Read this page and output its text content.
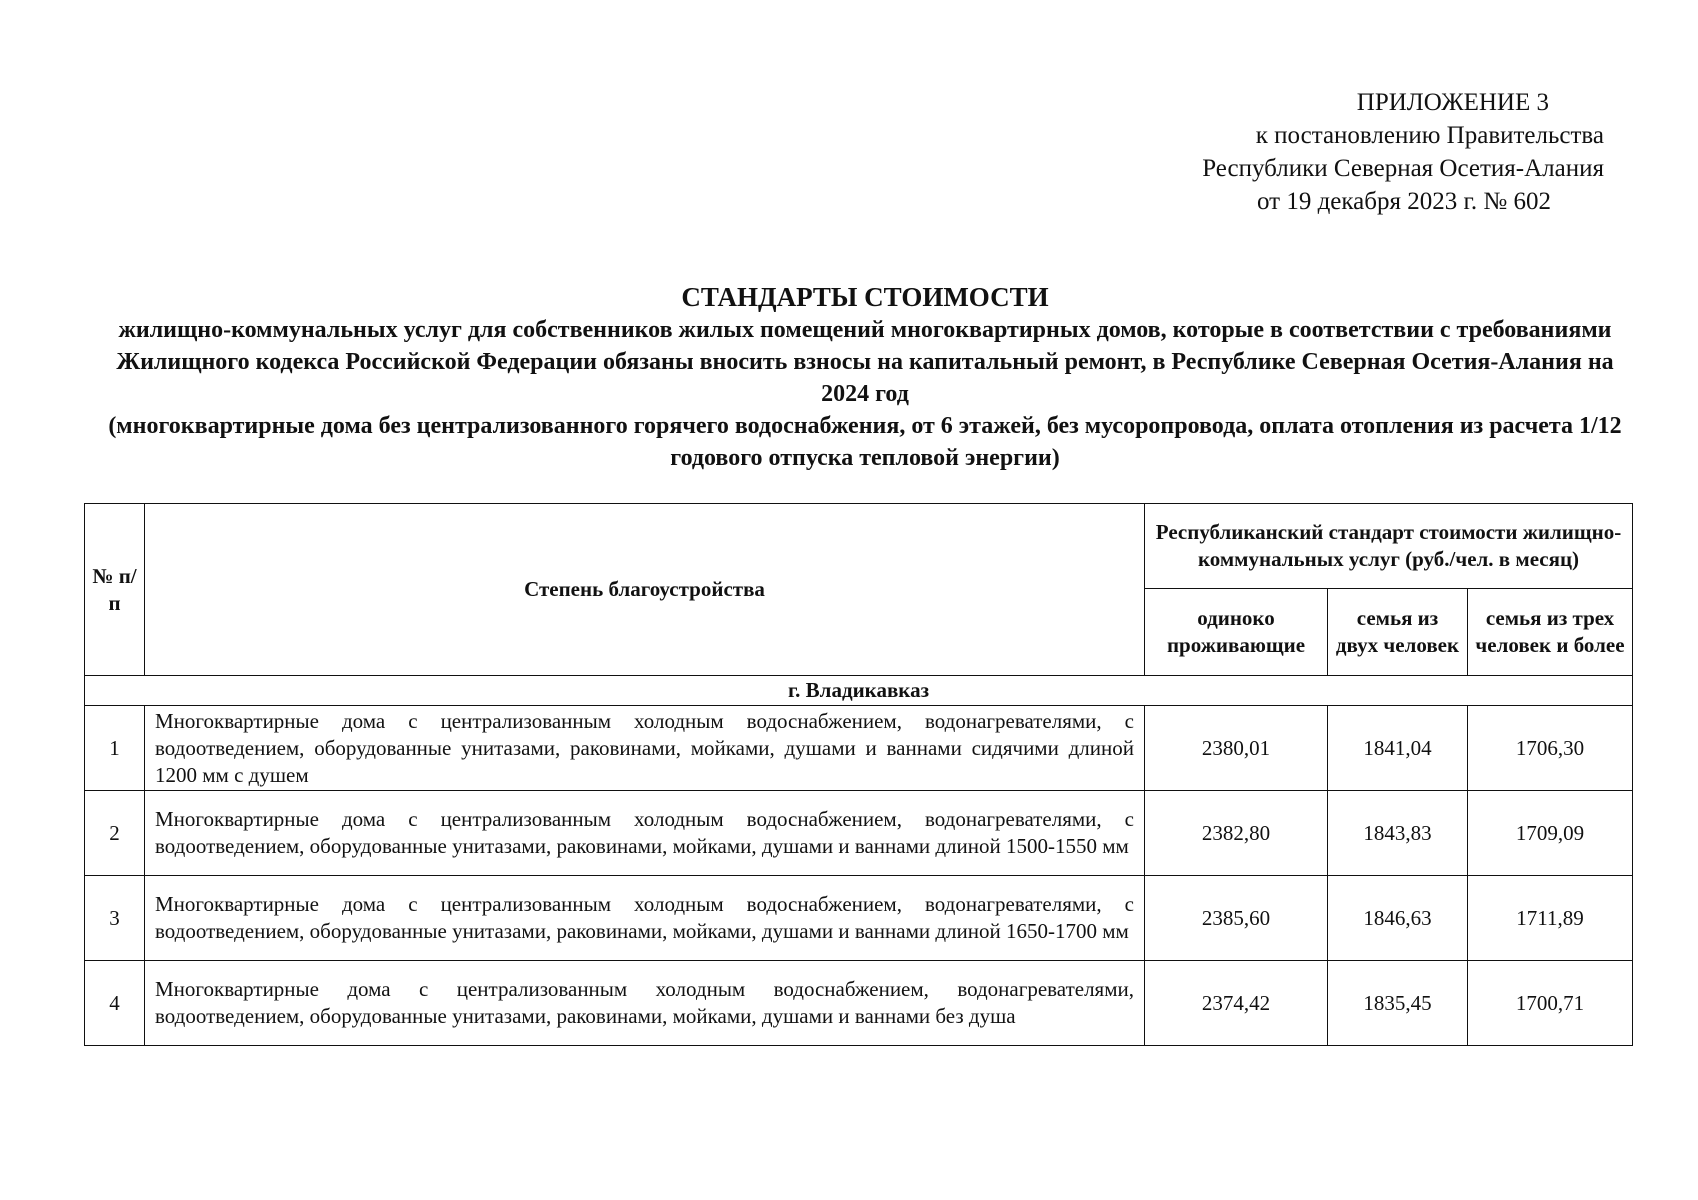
ПРИЛОЖЕНИЕ 3
к постановлению Правительства
Республики Северная Осетия-Алания
от 19 декабря 2023 г. № 602
СТАНДАРТЫ СТОИМОСТИ
жилищно-коммунальных услуг для собственников жилых помещений многоквартирных домов, которые в соответствии с требованиями Жилищного кодекса Российской Федерации обязаны вносить взносы на капитальный ремонт, в Республике Северная Осетия-Алания на 2024 год
(многоквартирные дома без централизованного горячего водоснабжения, от 6 этажей, без мусоропровода, оплата отопления из расчета 1/12 годового отпуска тепловой энергии)
№ п/п	Степень благоустройства	Республиканский стандарт стоимости жилищно-коммунальных услуг (руб./чел. в месяц)		
		одиноко проживающие	семья из двух человек	семья из трех человек и более
г. Владикавказ				
1	Многоквартирные дома с централизованным холодным водоснабжением, водонагревателями, с водоотведением, оборудованные унитазами, раковинами, мойками, душами и ваннами сидячими длиной 1200 мм с душем	2380,01	1841,04	1706,30
2	Многоквартирные дома с централизованным холодным водоснабжением, водонагревателями, с водоотведением, оборудованные унитазами, раковинами, мойками, душами и ваннами длиной 1500-1550 мм	2382,80	1843,83	1709,09
3	Многоквартирные дома с централизованным холодным водоснабжением, водонагревателями, с водоотведением, оборудованные унитазами, раковинами, мойками, душами и ваннами длиной 1650-1700 мм	2385,60	1846,63	1711,89
4	Многоквартирные дома с централизованным холодным водоснабжением, водонагревателями, водоотведением, оборудованные унитазами, раковинами, мойками, душами и ваннами без душа	2374,42	1835,45	1700,71
